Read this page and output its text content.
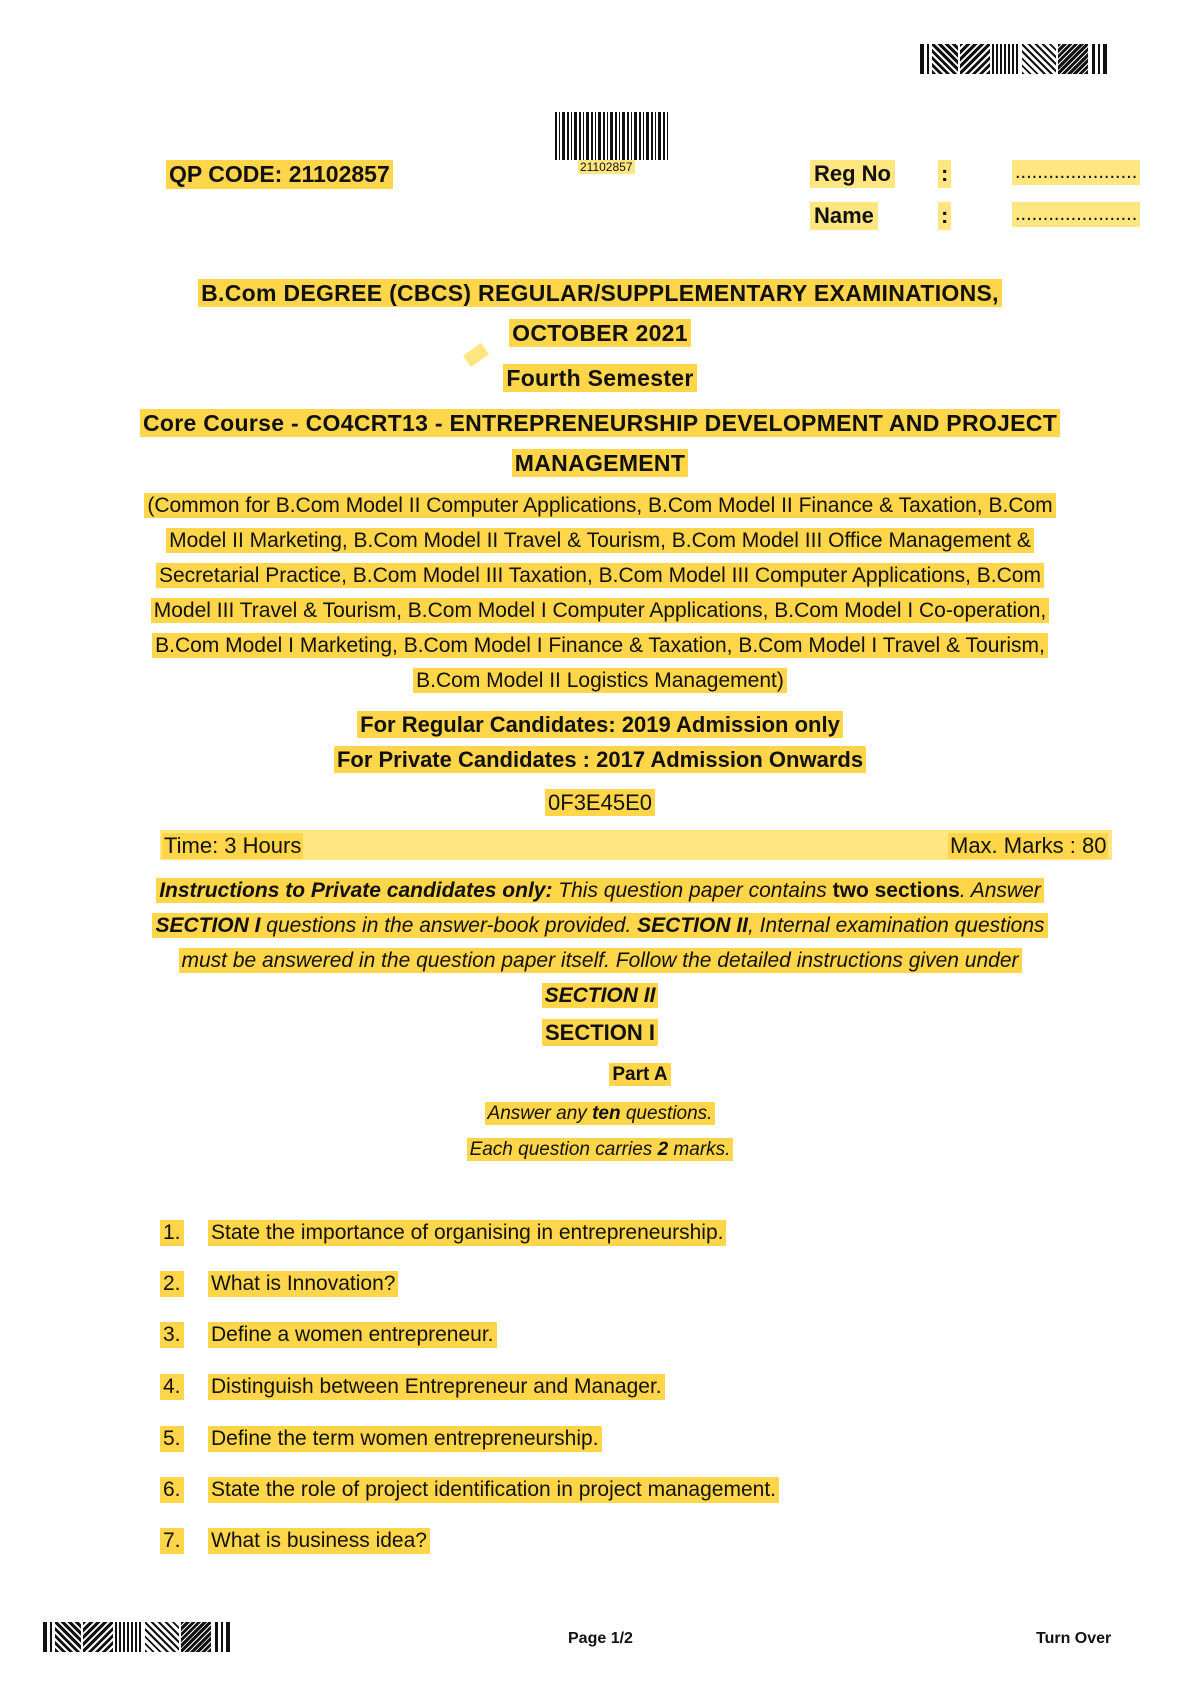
21102857
QP CODE: 21102857	Reg No :	......................
Name	:	......................
B.Com DEGREE (CBCS) REGULAR/SUPPLEMENTARY EXAMINATIONS,
OCTOBER 2021
Fourth Semester
Core Course - CO4CRT13 - ENTREPRENEURSHIP DEVELOPMENT AND PROJECT
MANAGEMENT
(Common for B.Com Model II Computer Applications, B.Com Model II Finance & Taxation, B.Com
Model II Marketing, B.Com Model II Travel & Tourism, B.Com Model III Office Management &
Secretarial Practice, B.Com Model III Taxation, B.Com Model III Computer Applications, B.Com
Model III Travel & Tourism, B.Com Model I Computer Applications, B.Com Model I Co-operation,
B.Com Model I Marketing, B.Com Model I Finance & Taxation, B.Com Model I Travel & Tourism,
B.Com Model II Logistics Management)
For Regular Candidates: 2019 Admission only
For Private Candidates : 2017 Admission Onwards
0F3E45E0
Time: 3 Hours	Max. Marks : 80
Instructions to Private candidates only: This question paper contains two sections. Answer
SECTION I questions in the answer-book provided. SECTION II, Internal examination questions
must be answered in the question paper itself. Follow the detailed instructions given under
SECTION II
SECTION I
Part A
Answer any ten questions.
Each question carries 2 marks.
1. State the importance of organising in entrepreneurship.
2. What is Innovation?
3. Define a women entrepreneur.
4. Distinguish between Entrepreneur and Manager.
5. Define the term women entrepreneurship.
6. State the role of project identification in project management.
7. What is business idea?
Page 1/2	Turn Over
